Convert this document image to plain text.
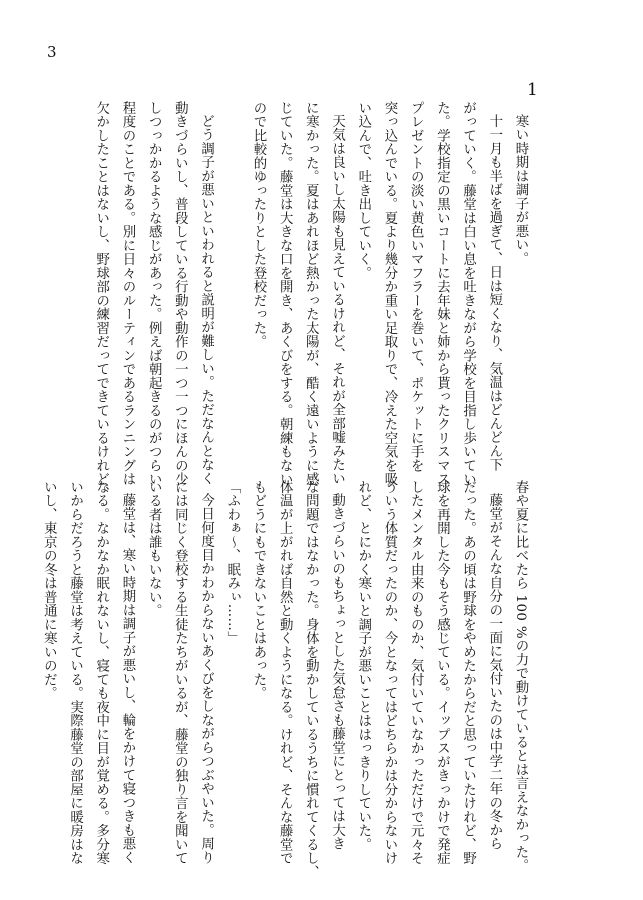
3
1
寒い時期は調子が悪い。
十一月も半ばを過ぎて、日は短くなり、気温はどんどん下
がっていく。藤堂は白い息を吐きながら学校を目指し歩いてい
た。学校指定の黒いコートに去年妹と姉から貰ったクリスマス
プレゼントの淡い黄色いマフラーを巻いて、ポケットに手を
突っ込んでいる。夏より幾分か重い足取りで、冷えた空気を吸
い込んで、吐き出していく。
天気は良いし太陽も見えているけれど、それが全部嘘みたい
に寒かった。夏はあれほど熱かった太陽が、酷く遠いように感
じていた。藤堂は大きな口を開き、あくびをする。朝練もない
ので比較的ゆったりとした登校だった。

どう調子が悪いといわれると説明が難しい。ただなんとなく
動きづらいし、普段している行動や動作の一つ一つにほんの少
しつっかかるような感じがあった。例えば朝起きるのがつらい
程度のことである。別に日々のルーティンであるランニングは
欠かしたことはないし、野球部の練習だってできているけれど、
春や夏に比べたら 100 %の力で動けているとは言えなかった。
藤堂がそんな自分の一面に気付いたのは中学二年の冬から
だった。あの頃は野球をやめたからだと思っていたけれど、野
球を再開した今もそう感じている。イップスがきっかけで発症
したメンタル由来のものか、気付いていなかっただけで元々そ
ういう体質だったのか、今となってはどちらかは分からないけ
れど、とにかく寒いと調子が悪いことははっきりしていた。
動きづらいのもちょっとした気怠さも藤堂にとっては大き
な問題ではなかった。身体を動かしているうちに慣れてくるし、
体温が上がれば自然と動くようになる。けれど、そんな藤堂で
もどうにもできないことはあった。
「ふわぁ〜、眠みぃ……」
今日何度目かわからないあくびをしながらつぶやいた。周り
には同じく登校する生徒たちがいるが、藤堂の独り言を聞いて
いる者は誰もいない。
藤堂は、寒い時期は調子が悪いし、輪をかけて寝つきも悪く
なる。なかなか眠れないし、寝ても夜中に目が覚める。多分寒
いからだろうと藤堂は考えている。実際藤堂の部屋に暖房はな
いし、東京の冬は普通に寒いのだ。
